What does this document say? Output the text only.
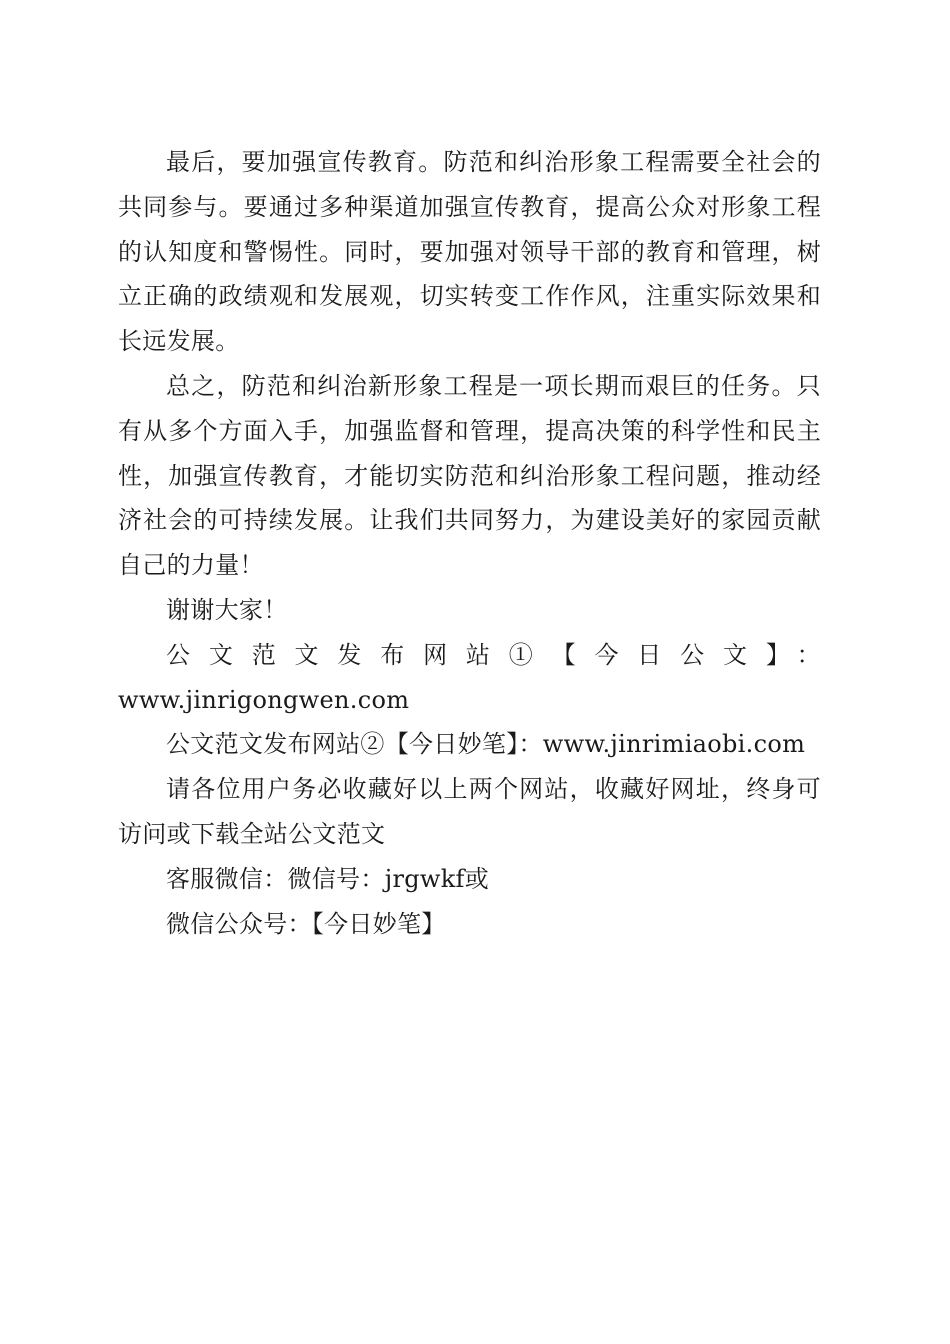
最后，要加强宣传教育。防范和纠治形象工程需要全社会的共同参与。要通过多种渠道加强宣传教育，提高公众对形象工程的认知度和警惕性。同时，要加强对领导干部的教育和管理，树立正确的政绩观和发展观，切实转变工作作风，注重实际效果和长远发展。

总之，防范和纠治新形象工程是一项长期而艰巨的任务。只有从多个方面入手，加强监督和管理，提高决策的科学性和民主性，加强宣传教育，才能切实防范和纠治形象工程问题，推动经济社会的可持续发展。让我们共同努力，为建设美好的家园贡献自己的力量！

谢谢大家！

公文范文发布网站①【今日公文】：

www.jinrigongwen.com

公文范文发布网站②【今日妙笔】：www.jinrimiaobi.com

请各位用户务必收藏好以上两个网站，收藏好网址，终身可访问或下载全站公文范文

客服微信：微信号：jrgwkf或

微信公众号：【今日妙笔】
